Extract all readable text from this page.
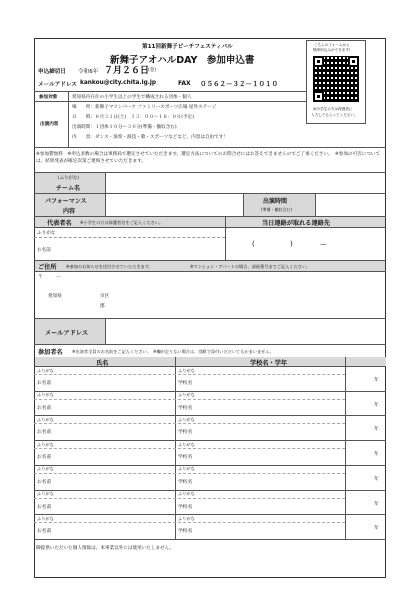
第11回新舞子ビーチフェスティバル
新舞子アオハルDAY　参加申込書
申込締切日 令和6年 ７月２６日
(金)
メールアドレス kankou@city.chita.lg.jp	FAX ０５６２－３２－１０１０
こちらのフォームから
簡単申込みができます!
両小学生の方は保護者に
入力してもらってください。
参加対象	愛知県内在住の小学生以上の学生で構成される団体・個人
出演内容
場　　所：新舞子マリンパーク ファミリースポーツ広場 屋外ステージ
日　　時：８月３１日(土)　１３：００～１８：００(予定)
出演時間：１団体１０分～３０分(準備・撤収含む)
内　　容：ダンス・演奏・演技・歌・スポーツなどなど、内容は自由です！
※参加費無料　※申込多数の場合は事務局で選定させていただきます。選定方法についてのお問合せにはお答えできませんのでご了承ください。　※参加の可否については、結果発表が確定次第ご連絡させていただきます。
(ふりがな)
チーム名
パフォーマンス
内容
出演時間
(準備・撤収含む)
代表者名 ※小学生の方は保護者名をご記入ください。	当日連絡が取れる連絡先
ふりがな
お名前
(	)	ー
ご住所 ※参加のお知らせを送付させていただきます。	※マンション・アパートの場合、部屋番号までご記入ください。
〒　　　ー
愛知県	市区
郡
メールアドレス
参加者名 ※出演者全員のお名前をご記入ください。　※欄が足りない場合は、別紙で添付いただいてもかまいません。
氏名	学校名・学年
ふりがな
お名前
ふりがな
学校名
年
ふりがな
お名前
ふりがな
学校名
年
ふりがな
お名前
ふりがな
学校名
年
ふりがな
お名前
ふりがな
学校名
年
ふりがな
お名前
ふりがな
学校名
年
ふりがな
お名前
ふりがな
学校名
年
ふりがな
お名前
ふりがな
学校名
年
御提供いただいた個人情報は、本事業以外には使用いたしません。
